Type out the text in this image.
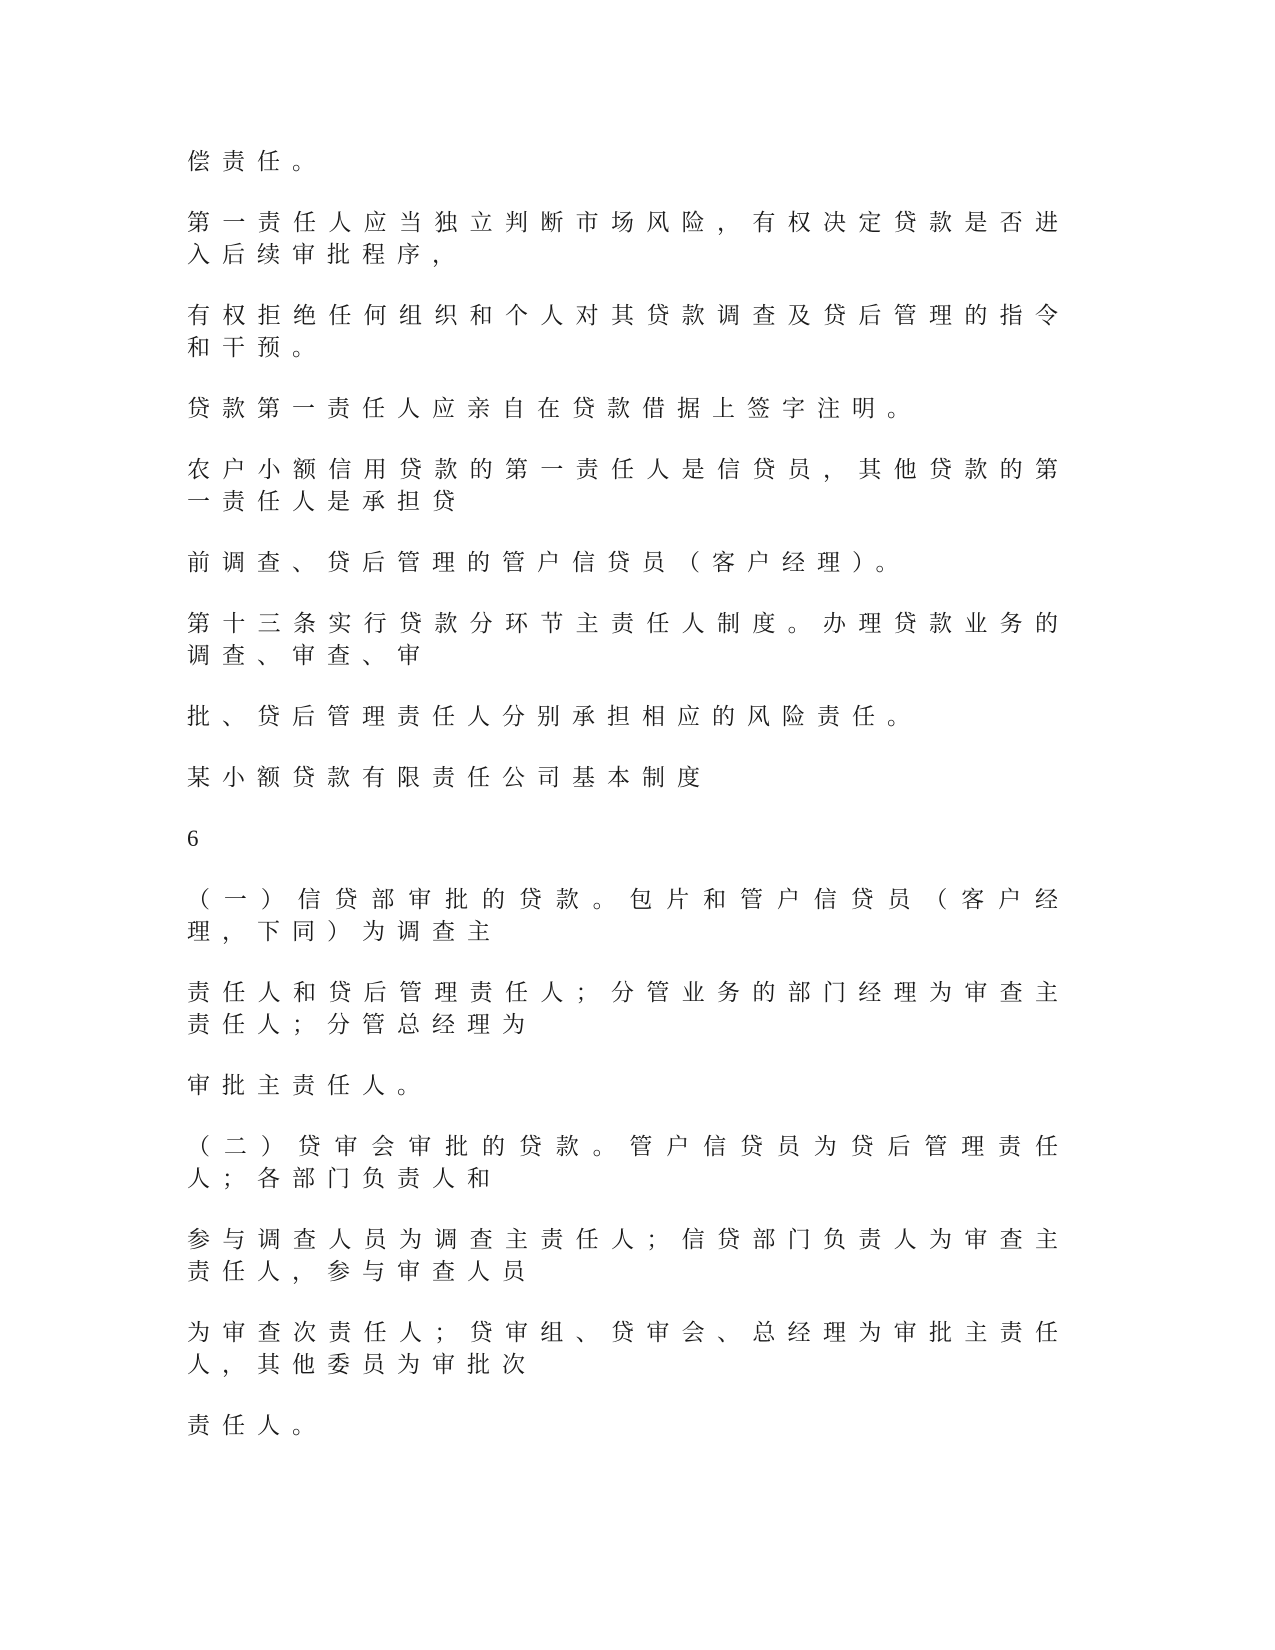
偿责任。

第一责任人应当独立判断市场风险，有权决定贷款是否进入后续审批程序，

有权拒绝任何组织和个人对其贷款调查及贷后管理的指令和干预。

贷款第一责任人应亲自在贷款借据上签字注明。

农户小额信用贷款的第一责任人是信贷员，其他贷款的第一责任人是承担贷

前调查、贷后管理的管户信贷员（客户经理）。

第十三条实行贷款分环节主责任人制度。办理贷款业务的调查、审查、审

批、贷后管理责任人分别承担相应的风险责任。

某小额贷款有限责任公司基本制度

6

（一）信贷部审批的贷款。包片和管户信贷员（客户经理，下同）为调查主

责任人和贷后管理责任人；分管业务的部门经理为审查主责任人；分管总经理为

审批主责任人。

（二）贷审会审批的贷款。管户信贷员为贷后管理责任人；各部门负责人和

参与调查人员为调查主责任人；信贷部门负责人为审查主责任人，参与审查人员

为审查次责任人；贷审组、贷审会、总经理为审批主责任人，其他委员为审批次

责任人。
